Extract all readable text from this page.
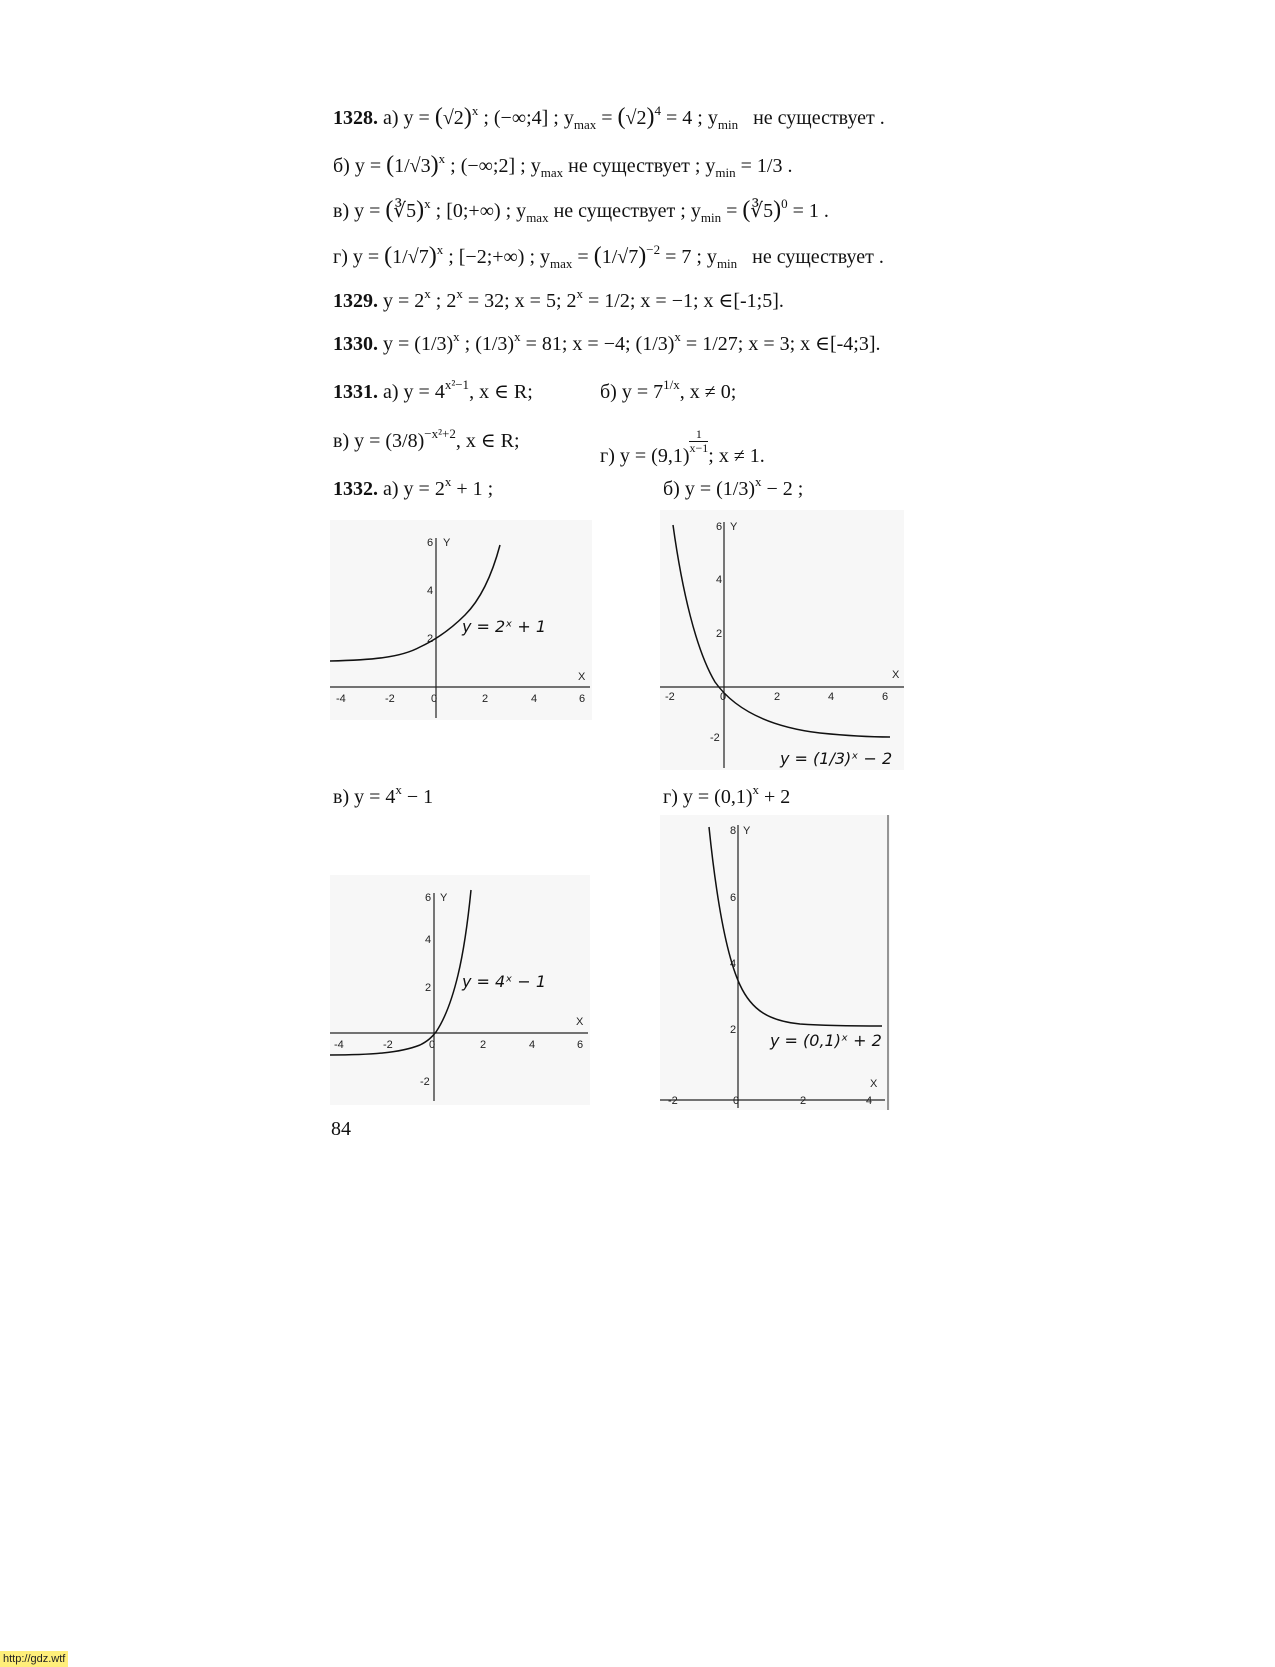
1328. а) $y = (√2)^x$ ; (−∞;4] ; $y_{max} = (√2)^4 = 4$ ; $y_{min}$ не существует .
б) $y = (1/√3)^x$ ; (−∞;2] ; $y_{max}$ не существует ; $y_{min} = 1/3$ .
в) y = (∛5)$^x$ ; [0;+∞) ; $y_{max}$ не существует ; $y_{min}$ = (∛5)$^0$ = 1 .
г) $y = (1/√7)^x$ ; [−2;+∞) ; $y_{max} = (1/√7)^{-2} = 7$ ; $y_{min}$ не существует .
1329. $y = 2^x$ ; $2^x = 32$; x = 5; $2^x = 1/2$; x = −1; x ∈[-1;5].
1330. $y = (1/3)^x$ ; $(1/3)^x = 81$; x = −4; $(1/3)^x = 1/27$; x = 3; x ∈[-4;3].
1331. а) $y = 4^{x^2-1}$, x ∈ R;	б) $y = 7^{1/x}$, x ≠ 0;
в) $y = (3/8)^{-x^2+2}$, x ∈ R;
г) y = (9,1)
$\frac{1}{x-1}$
; x ≠ 1.
1332. а) $y = 2^x + 1$ ;	б) $y = (1/3)^x - 2$ ;
в) $y = 4^x - 1$	г) $y = (0,1)^x + 2$
Y
X
-4	-2	0	2	4	6
2
4
6
y = 2ˣ + 1
Y
X
-2	0	2	4	6
-2
2
4
6
y = (1/3)ˣ − 2
Y
X
-4	-2	0	2	4	6
-2
2
4
6
y = 4ˣ − 1
Y
X
-2	0	2	4
2
4
6
8
y = (0,1)ˣ + 2
84
http://gdz.wtf
